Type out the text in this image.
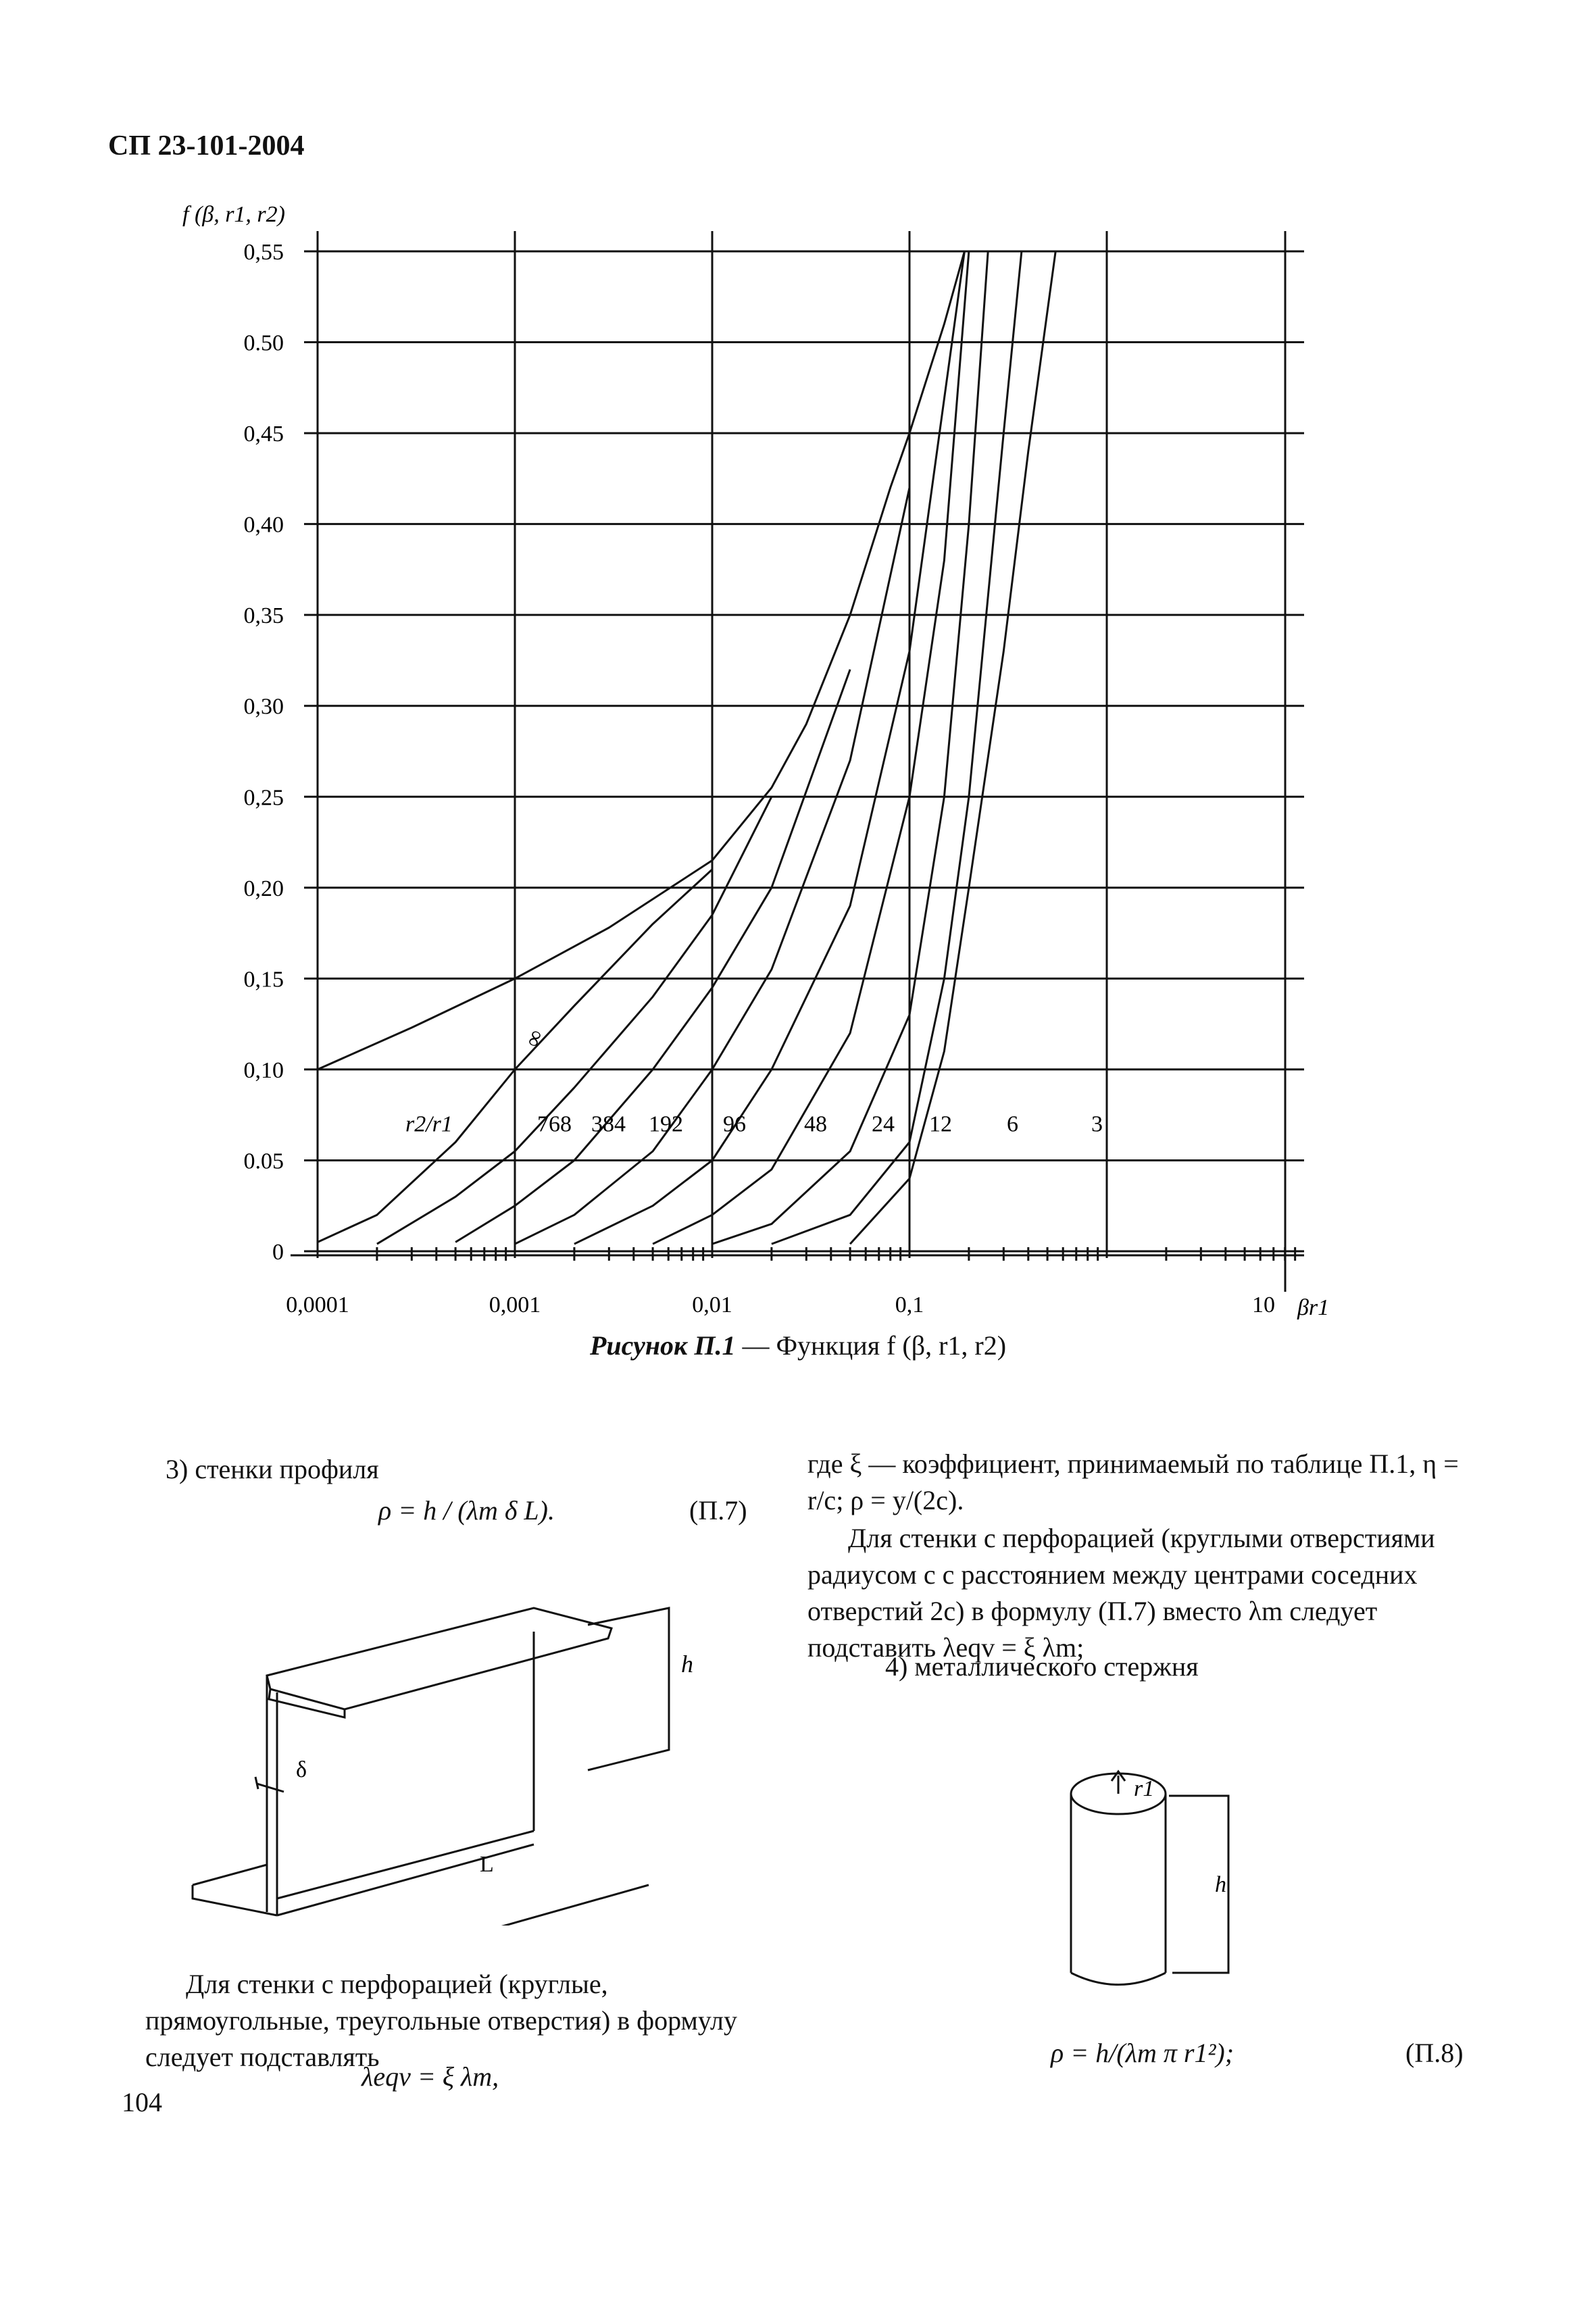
СП 23-101-2004
0,55
0.50
0,45
0,40
0,35
0,30
0,25
0,20
0,15
0,10
0.05
0
0,0001	0,001	0,01	0,1	10
f (β, r1, r2)
βr1
r2/r1	768 384 192 96	48 24 12 6	3
∞
Рисунок П.1 — Функция f (β, r1, r2)
3) стенки профиля
ρ = h / (λm δ L).	(П.7)
h
δ
L
Для стенки с перфорацией (круглые, прямоугольные, треугольные отверстия) в формулу следует подставлять
λeqv = ξ λm,
104
где ξ — коэффициент, принимаемый по таблице П.1, η = r/c; ρ = y/(2c).
Для стенки с перфорацией (круглыми отверстиями радиусом c с расстоянием между центрами соседних отверстий 2c) в формулу (П.7) вместо λm следует подставить λeqv = ξ λm;
4) металлического стержня
r1
h
ρ = h/(λm π r1²);	(П.8)
